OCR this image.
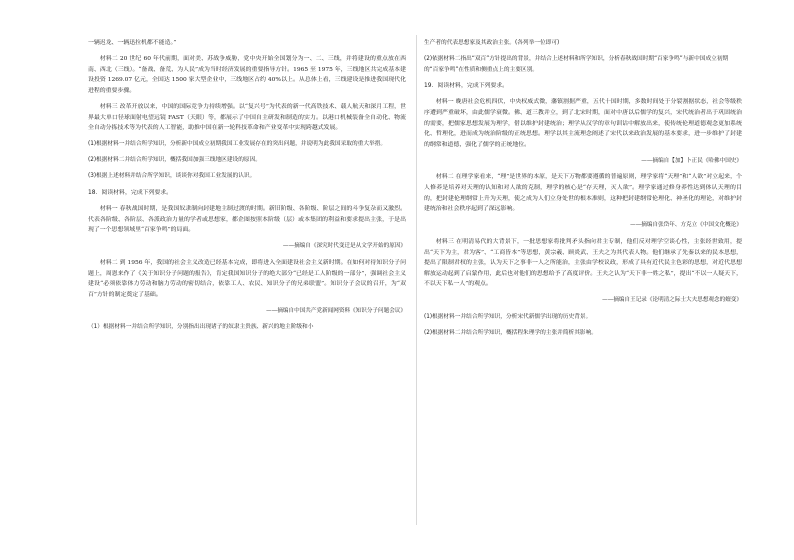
一辆迟龙、一辆迅拉机都不能造。”

材料二 20 世纪 60 年代前期，面对美、苏战争威胁，党中央开始全国划分为一、二、三线，并将建设的重点放在西南、西北（三线）。“备战、备荒、为人民”成为当时经济发展的重要指导方针。1965 至 1975 年，三线地区共完成基本建设投资 1269.07 亿元，全国达 1500 家大型企业中，三线地区占约 40%以上。从总体上看，三线建设是推进我国现代化进程的重要步骤。

材料三 改革开放以来，中国的国际竞争力持续增强。以“复兴号”为代表的新一代高铁技术、载人航天和深月工程，世界最大单口径球面射电望远镜 FAST（天眼）等，都展示了中国自主研发和制造的实力。以港口机械装备全自动化、物流全自动分拣技术等为代表的人工智能，助推中国在新一轮科技革命和产业变革中实现跨越式发展。

(1)根据材料一并结合所学知识，分析新中国成立初期我国工业发展存在的突出问题，并说明为此我国采取的重大举措。

(2)根据材料二并结合所学知识，概括我国加强三线地区建设的原因。

(3)根据上述材料并结合所学知识，谈谈你对我国工业发展的认识。

18．阅读材料，完成下列要求。

材料一 春秋战国时期，是我国奴隶制向封建地主制过渡的时期。新旧阶级、各阶级、阶层之间的斗争复杂而又激烈。代表各阶级、各阶层、各派政治力量的学者或思想家，都企图按照本阶级（层）或本集团的利益和要求提出主张，于是出现了一个思想领域里“百家争鸣”的局面。

——摘编自《深究时代变迁是从文学开始的原因》

材料二 到 1956 年，我国的社会主义改造已经基本完成，即将进入全面建设社会主义新时期。在如何对待知识分子问题上，周恩来作了《关于知识分子问题的报告》，肯定我国知识分子的绝大部分“已经是工人阶级的一部分”，强调社会主义建设“必须依靠体力劳动和脑力劳动的密切结合，依靠工人、农民、知识分子的兄弟联盟”。知识分子会议的召开，为“双百”方针的制定奠定了基础。

——摘编自中国共产党新闻网资料《知识分子问题会议》

（1）根据材料一并结合所学知识，分别指出出现诸子的奴隶主贵族、新兴的地主阶级和小

生产者的代表思想家及其政治主张。(各列举一位即可)

(2)依据材料二指出“双百”方针提出的背景，并结合上述材料和所学知识，分析春秋战国时期“百家争鸣”与新中国成立初期的“百家争鸣”在性质和侧重点上的主要区别。

19．阅读材料，完成下列要求。

材料一 晚唐社会危机四伏，中央权威式微，藩镇割据严重，五代十国时期，多数时间处于分裂割据状态，社会等级秩序遭到严重破坏，由此儒学衰微。佛、道三教并立，到了北宋时期，面对中唐以后儒学的复兴，宋代统治者出于巩固统治的需要，把儒家思想发展为理学，借以维护封建统治；理学从汉学的章句训诂中解放出来，使传统伦理道德观念更加系统化、哲理化，进而成为统治阶级的正统思想。理学以其主流理念阐述了宋代以来政治发展的基本要求，进一步维护了封建的纲常和道德，强化了儒学的正统地位。

——摘编自【加】卜正民《哈佛中国史》

材料二 在理学家看来，“理”是世界的本原，是天下万物都要遵循的普遍原则，理学家将“天理”和“人欲”对立起来，个人修养是培养对天理的认知和对人欲的克制，理学的核心是“存天理，灭人欲”。理学家通过修身养性达到体认天理的目的，把封建伦理纲常上升为天理，使之成为人们立身处世的根本准则，这种把封建纲常伦理化、神圣化的理论，对维护封建统治和社会秩序起到了深远影响。

——摘编自张岱年、方克立《中国文化概论》

材料三 在明清易代的大背景下，一批思想家将批判矛头指向君主专制，他们反对理学空谈心性，主张经世致用，提出“天下为主，君为客”、“工商皆本”等思想，黄宗羲、顾炎武、王夫之为其代表人物。他们继承了先秦以来的民本思想，提出了限制君权的主张，认为天下之事非一人之所能治，主张由学校议政，形成了具有近代民主色彩的思想，对近代思想解放运动起到了启蒙作用，此后也对他们的思想给予了高度评价。王夫之认为“天下非一姓之私”，提出“不以一人疑天下，不以天下私一人”的观点。

——摘编自王记录《论明清之际士大夫思想观念的嬗变》

(1)根据材料一并结合所学知识，分析宋代新儒学出现的历史背景。

(2)根据材料二并结合所学知识，概括程朱理学的主张并简析其影响。
